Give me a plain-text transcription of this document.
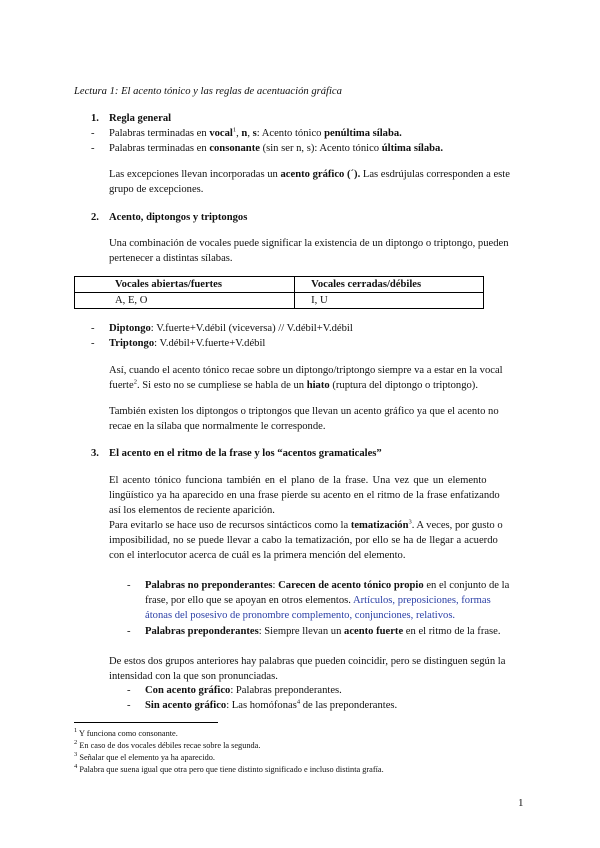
Lectura 1: El acento tónico y las reglas de acentuación gráfica
1. Regla general
- Palabras terminadas en vocal$^1$, n, s: Acento tónico penúltima sílaba.
- Palabras terminadas en consonante (sin ser n, s): Acento tónico última sílaba.
Las excepciones llevan incorporadas un acento gráfico (´). Las esdrújulas corresponden a este
grupo de excepciones.
2. Acento, diptongos y triptongos
Una combinación de vocales puede significar la existencia de un diptongo o triptongo, pueden
pertenecer a distintas sílabas.
Vocales abiertas/fuertes	Vocales cerradas/débiles
A, E, O	I, U
- Diptongo: V.fuerte+V.débil (viceversa) // V.débil+V.débil
- Triptongo: V.débil+V.fuerte+V.débil
Así, cuando el acento tónico recae sobre un diptongo/triptongo siempre va a estar en la vocal
fuerte$^2$. Si esto no se cumpliese se habla de un hiato (ruptura del diptongo o triptongo).
También existen los diptongos o triptongos que llevan un acento gráfico ya que el acento no
recae en la sílaba que normalmente le corresponde.
3. El acento en el ritmo de la frase y los “acentos gramaticales”
El acento tónico funciona también en el plano de la frase. Una vez que un elemento
lingüístico ya ha aparecido en una frase pierde su acento en el ritmo de la frase enfatizando
así los elementos de reciente aparición.
Para evitarlo se hace uso de recursos sintácticos como la tematización$^3$. A veces, por gusto o
imposibilidad, no se puede llevar a cabo la tematización, por ello se ha de llegar a acuerdo
con el interlocutor acerca de cuál es la primera mención del elemento.
- Palabras no preponderantes: Carecen de acento tónico propio en el conjunto de la
frase, por ello que se apoyan en otros elementos. Artículos, preposiciones, formas
átonas del posesivo de pronombre complemento, conjunciones, relativos.
- Palabras preponderantes: Siempre llevan un acento fuerte en el ritmo de la frase.
De estos dos grupos anteriores hay palabras que pueden coincidir, pero se distinguen según la
intensidad con la que son pronunciadas.
- Con acento gráfico: Palabras preponderantes.
- Sin acento gráfico: Las homófonas$^4$ de las preponderantes.
$^1$ Y funciona como consonante.
$^2$ En caso de dos vocales débiles recae sobre la segunda.
$^3$ Señalar que el elemento ya ha aparecido.
$^4$ Palabra que suena igual que otra pero que tiene distinto significado e incluso distinta grafía.
1
